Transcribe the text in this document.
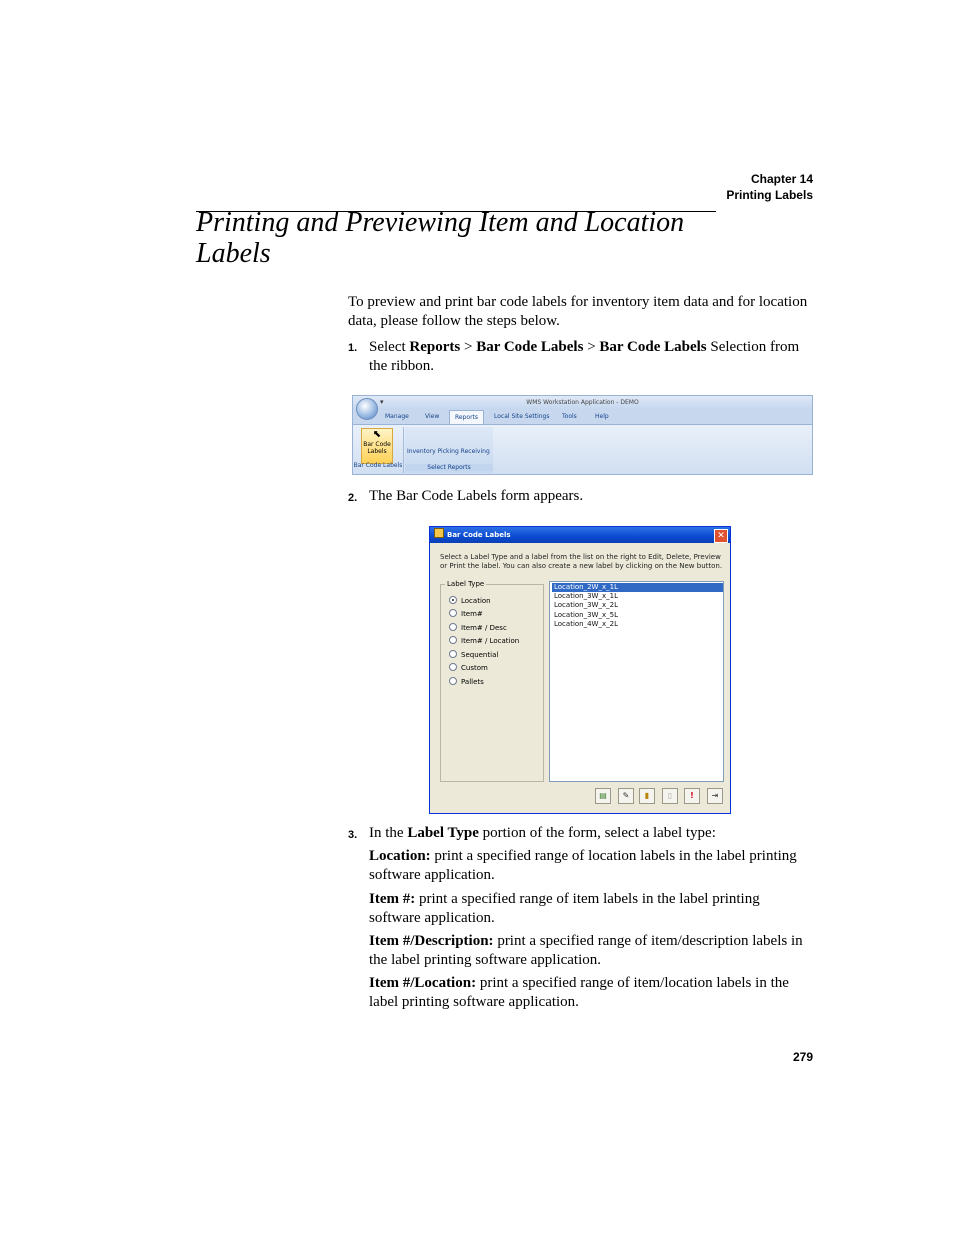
Chapter 14
Printing Labels
Printing and Previewing Item and Location Labels
To preview and print bar code labels for inventory item data and for location data, please follow the steps below.
1. Select Reports > Bar Code Labels > Bar Code Labels Selection from the ribbon.
WMS Workstation Application - DEMO
▾
Manage	View	Reports	Local Site Settings Tools	Help
⬉
Bar Code
Labels
Bar Code Labels
Inventory Picking Receiving
Select Reports
2. The Bar Code Labels form appears.
Bar Code Labels	✕
Select a Label Type and a label from the list on the right to Edit, Delete, Preview or Print the label. You can also create a new label by clicking on the New button.
Label Type
Location
Item#
Item# / Desc
Item# / Location
Sequential
Custom
Pallets
Location_2W_x_1L
Location_3W_x_1L
Location_3W_x_2L
Location_3W_x_5L
Location_4W_x_2L
▤	✎	▮	▯	!	⇥
3. In the Label Type portion of the form, select a label type:
Location: print a specified range of location labels in the label printing software application.
Item #: print a specified range of item labels in the label printing software application.
Item #/Description: print a specified range of item/description labels in the label printing software application.
Item #/Location: print a specified range of item/location labels in the label printing software application.
279
